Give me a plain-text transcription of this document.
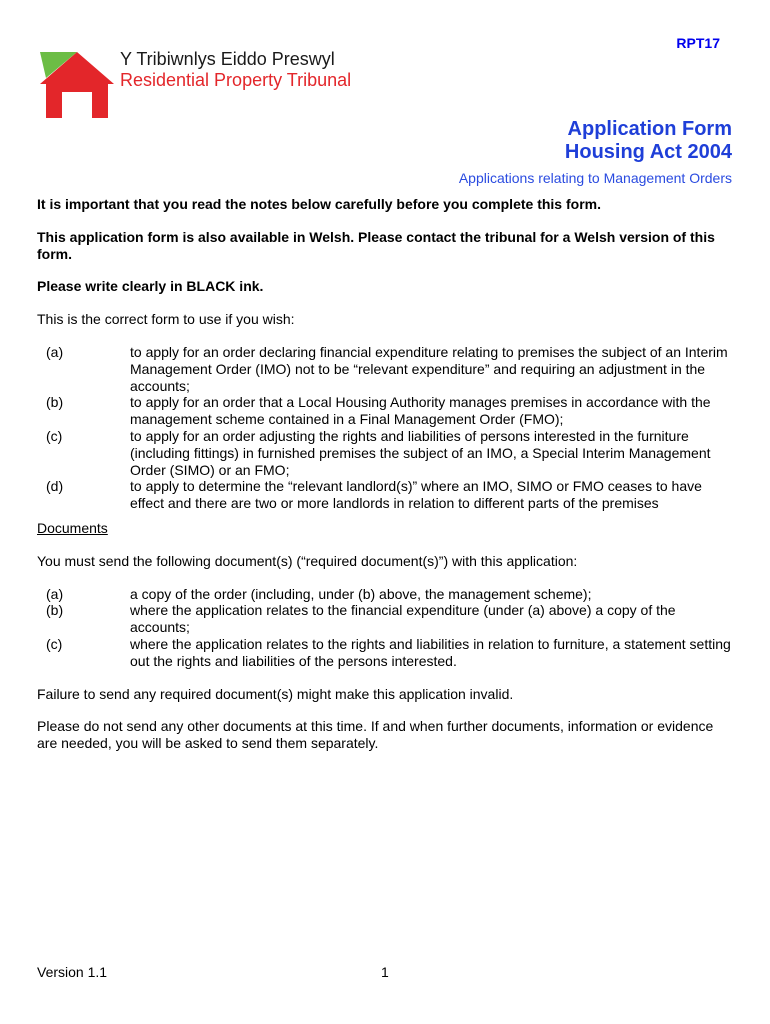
RPT17
Y Tribiwnlys Eiddo Preswyl
Residential Property Tribunal
Application Form
Housing Act 2004
Applications relating to Management Orders

It is important that you read the notes below carefully before you complete this form.

This application form is also available in Welsh. Please contact the tribunal for a Welsh version of this form.

Please write clearly in BLACK ink.

This is the correct form to use if you wish:

(a)	to apply for an order declaring financial expenditure relating to premises the subject of an Interim Management Order (IMO) not to be “relevant expenditure” and requiring an adjustment in the accounts;
(b)	to apply for an order that a Local Housing Authority manages premises in accordance with the management scheme contained in a Final Management Order (FMO);
(c)	to apply for an order adjusting the rights and liabilities of persons interested in the furniture (including fittings) in furnished premises the subject of an IMO, a Special Interim Management Order (SIMO) or an FMO;
(d)	to apply to determine the “relevant landlord(s)” where an IMO, SIMO or FMO ceases to have effect and there are two or more landlords in relation to different parts of the premises
Documents

You must send the following document(s) (“required document(s)”) with this application:

(a)	a copy of the order (including, under (b) above, the management scheme);
(b)	where the application relates to the financial expenditure (under (a) above) a copy of the accounts;
(c)	where the application relates to the rights and liabilities in relation to furniture, a statement setting out the rights and liabilities of the persons interested.

Failure to send any required document(s) might make this application invalid.

Please do not send any other documents at this time. If and when further documents, information or evidence are needed, you will be asked to send them separately.

Version 1.1	1
